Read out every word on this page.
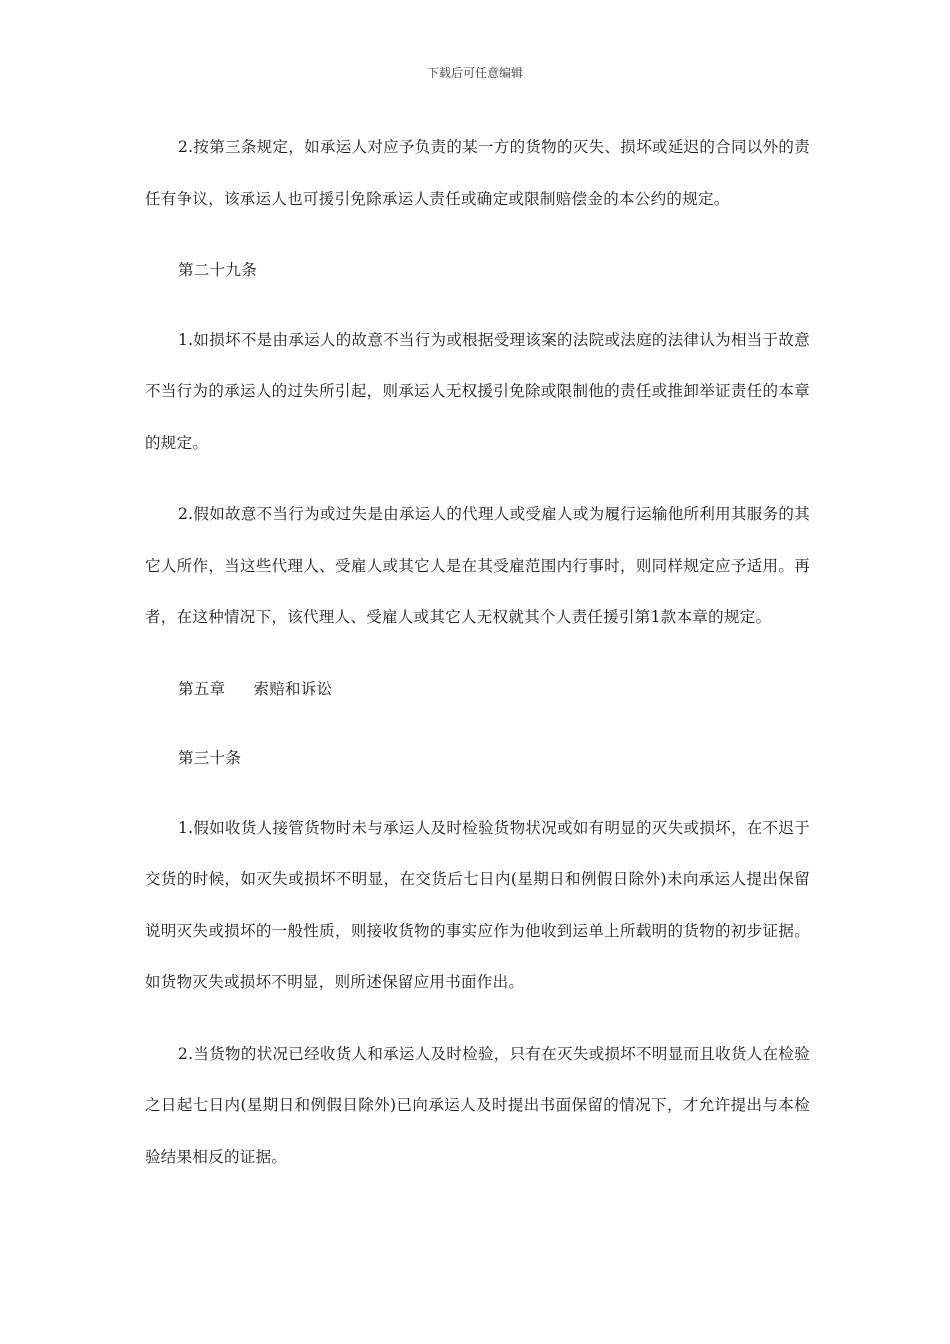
下载后可任意编辑

2.按第三条规定，如承运人对应予负责的某一方的货物的灭失、损坏或延迟的合同以外的责任有争议，该承运人也可援引免除承运人责任或确定或限制赔偿金的本公约的规定。

第二十九条

1.如损坏不是由承运人的故意不当行为或根据受理该案的法院或法庭的法律认为相当于故意不当行为的承运人的过失所引起，则承运人无权援引免除或限制他的责任或推卸举证责任的本章的规定。

2.假如故意不当行为或过失是由承运人的代理人或受雇人或为履行运输他所利用其服务的其它人所作，当这些代理人、受雇人或其它人是在其受雇范围内行事时，则同样规定应予适用。再者，在这种情况下，该代理人、受雇人或其它人无权就其个人责任援引第1款本章的规定。

第五章 索赔和诉讼

第三十条

1.假如收货人接管货物时未与承运人及时检验货物状况或如有明显的灭失或损坏，在不迟于交货的时候，如灭失或损坏不明显，在交货后七日内(星期日和例假日除外)未向承运人提出保留说明灭失或损坏的一般性质，则接收货物的事实应作为他收到运单上所载明的货物的初步证据。如货物灭失或损坏不明显，则所述保留应用书面作出。

2.当货物的状况已经收货人和承运人及时检验，只有在灭失或损坏不明显而且收货人在检验之日起七日内(星期日和例假日除外)已向承运人及时提出书面保留的情况下，才允许提出与本检验结果相反的证据。
